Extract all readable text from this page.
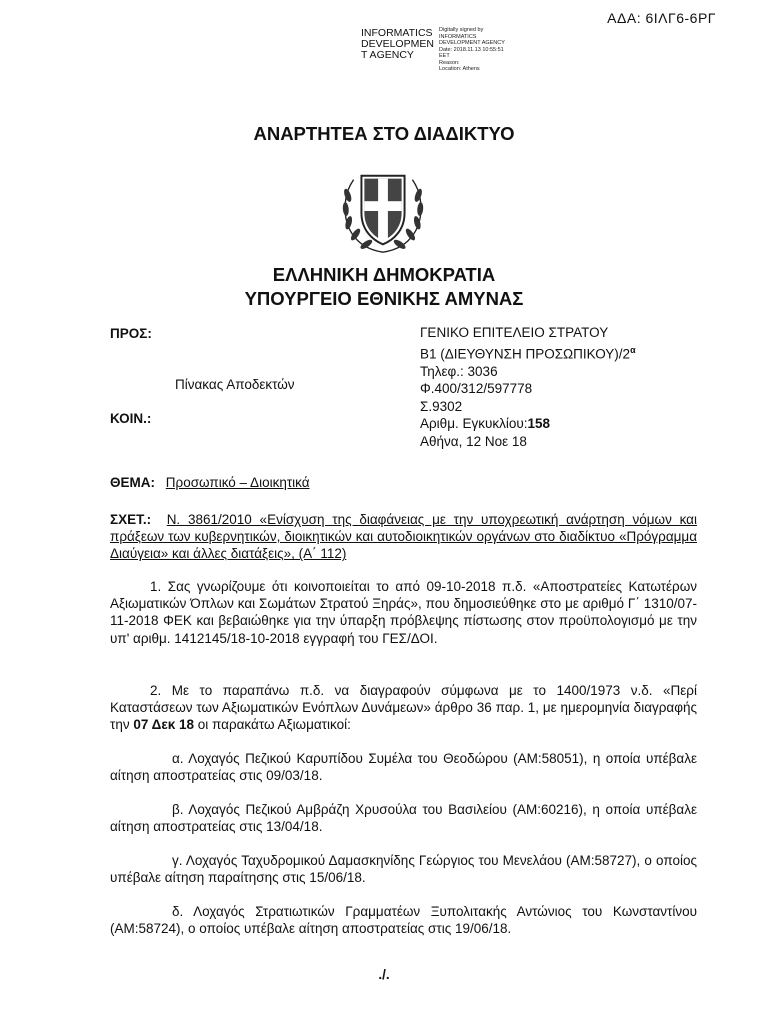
ΑΔΑ: 6ΙΛΓ6-6ΡΓ
INFORMATICS
DEVELOPMEN
T AGENCY
Digitally signed by
INFORMATICS
DEVELOPMENT AGENCY
Date: 2018.11.13 10:55:51
EET
Reason:
Location: Athens
ΑΝΑΡΤΗΤΕΑ ΣΤΟ ΔΙΑΔΙΚΤΥΟ
ΕΛΛΗΝΙΚΗ ΔΗΜΟΚΡΑΤΙΑ
ΥΠΟΥΡΓΕΙΟ ΕΘΝΙΚΗΣ ΑΜΥΝΑΣ
ΠΡΟΣ:
Πίνακας Αποδεκτών
ΚΟΙΝ.:
ΓΕΝΙΚΟ ΕΠΙΤΕΛΕΙΟ ΣΤΡΑΤΟΥ
Β1 (ΔΙΕΥΘΥΝΣΗ $\Pi PO\Sigma\Omega\Pi IKO\Upsilon)/2^\alpha$
Τηλεφ.: 3036
Φ.400/312/597778
Σ.9302
Αριθμ. Εγκυκλίου:158
Αθήνα, 12 Νοε 18
ΘΕΜΑ: Προσωπικό – Διοικητικά
ΣΧΕΤ.: Ν. 3861/2010 «Ενίσχυση της διαφάνειας με την υποχρεωτική ανάρτηση νόμων και πράξεων των κυβερνητικών, διοικητικών και αυτοδιοικητικών οργάνων στο διαδίκτυο «Πρόγραμμα Διαύγεια» και άλλες διατάξεις», (Α΄ 112)
1. Σας γνωρίζουμε ότι κοινοποιείται το από 09-10-2018 π.δ. «Αποστρατείες Κατωτέρων Αξιωματικών Όπλων και Σωμάτων Στρατού Ξηράς», που δημοσιεύθηκε στο με αριθμό Γ΄ 1310/07-11-2018 ΦΕΚ και βεβαιώθηκε για την ύπαρξη πρόβλεψης πίστωσης στον προϋπολογισμό με την υπ' αριθμ. 1412145/18-10-2018 εγγραφή του ΓΕΣ/ΔΟΙ.
2. Με το παραπάνω π.δ. να διαγραφούν σύμφωνα με το 1400/1973 ν.δ. «Περί Καταστάσεων των Αξιωματικών Ενόπλων Δυνάμεων» άρθρο 36 παρ. 1, με ημερομηνία διαγραφής την 07 Δεκ 18 οι παρακάτω Αξιωματικοί:
α. Λοχαγός Πεζικού Καρυπίδου Συμέλα του Θεοδώρου (ΑΜ:58051), η οποία υπέβαλε αίτηση αποστρατείας στις 09/03/18.
β. Λοχαγός Πεζικού Αμβράζη Χρυσούλα του Βασιλείου (ΑΜ:60216), η οποία υπέβαλε αίτηση αποστρατείας στις 13/04/18.
γ. Λοχαγός Ταχυδρομικού Δαμασκηνίδης Γεώργιος του Μενελάου (ΑΜ:58727), ο οποίος υπέβαλε αίτηση παραίτησης στις 15/06/18.
δ. Λοχαγός Στρατιωτικών Γραμματέων Ξυπολιτακής Αντώνιος του Κωνσταντίνου (ΑΜ:58724), ο οποίος υπέβαλε αίτηση αποστρατείας στις 19/06/18.
./.
